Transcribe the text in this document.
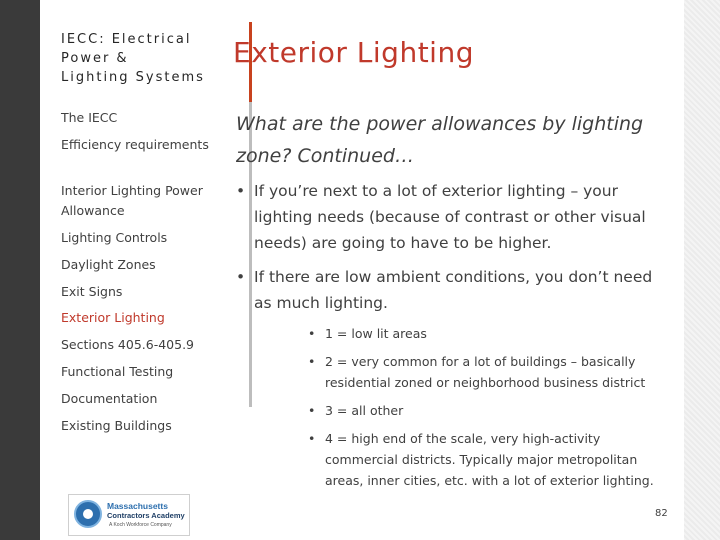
IECC: Electrical
Power &
Lighting Systems
The IECC
Efficiency requirements
Interior Lighting Power Allowance
Lighting Controls
Daylight Zones
Exit Signs
Exterior Lighting
Sections 405.6-405.9
Functional Testing
Documentation
Existing Buildings
Exterior Lighting
What are the power allowances by lighting zone? Continued…
• If you’re next to a lot of exterior lighting – your lighting needs (because of contrast or other visual needs) are going to have to be higher.
• If there are low ambient conditions, you don’t need as much lighting.
• 1 = low lit areas
• 2 = very common for a lot of buildings – basically residential zoned or neighborhood business district
• 3 = all other
• 4 = high end of the scale, very high-activity commercial districts. Typically major metropolitan areas, inner cities, etc. with a lot of exterior lighting.
Massachusetts
Contractors Academy
A Koch Workforce Company
82
